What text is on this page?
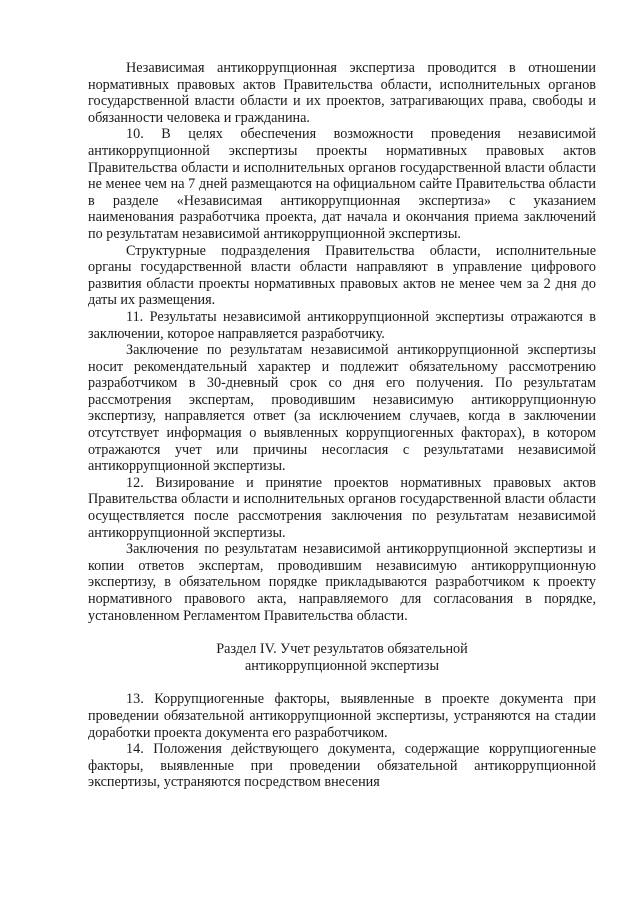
Независимая антикоррупционная экспертиза проводится в отношении нормативных правовых актов Правительства области, исполнительных органов государственной власти области и их проектов, затрагивающих права, свободы и обязанности человека и гражданина.

10. В целях обеспечения возможности проведения независимой антикоррупционной экспертизы проекты нормативных правовых актов Правительства области и исполнительных органов государственной власти области не менее чем на 7 дней размещаются на официальном сайте Правительства области в разделе «Независимая антикоррупционная экспертиза» с указанием наименования разработчика проекта, дат начала и окончания приема заключений по результатам независимой антикоррупционной экспертизы.

Структурные подразделения Правительства области, исполнительные органы государственной власти области направляют в управление цифрового развития области проекты нормативных правовых актов не менее чем за 2 дня до даты их размещения.

11. Результаты независимой антикоррупционной экспертизы отражаются в заключении, которое направляется разработчику.

Заключение по результатам независимой антикоррупционной экспертизы носит рекомендательный характер и подлежит обязательному рассмотрению разработчиком в 30-дневный срок со дня его получения. По результатам рассмотрения экспертам, проводившим независимую антикоррупционную экспертизу, направляется ответ (за исключением случаев, когда в заключении отсутствует информация о выявленных коррупциогенных факторах), в котором отражаются учет или причины несогласия с результатами независимой антикоррупционной экспертизы.

12. Визирование и принятие проектов нормативных правовых актов Правительства области и исполнительных органов государственной власти области осуществляется после рассмотрения заключения по результатам независимой антикоррупционной экспертизы.

Заключения по результатам независимой антикоррупционной экспертизы и копии ответов экспертам, проводившим независимую антикоррупционную экспертизу, в обязательном порядке прикладываются разработчиком к проекту нормативного правового акта, направляемого для согласования в порядке, установленном Регламентом Правительства области.

Раздел IV. Учет результатов обязательной

антикоррупционной экспертизы

13. Коррупциогенные факторы, выявленные в проекте документа при проведении обязательной антикоррупционной экспертизы, устраняются на стадии доработки проекта документа его разработчиком.

14. Положения действующего документа, содержащие коррупциогенные факторы, выявленные при проведении обязательной антикоррупционной экспертизы, устраняются посредством внесения
